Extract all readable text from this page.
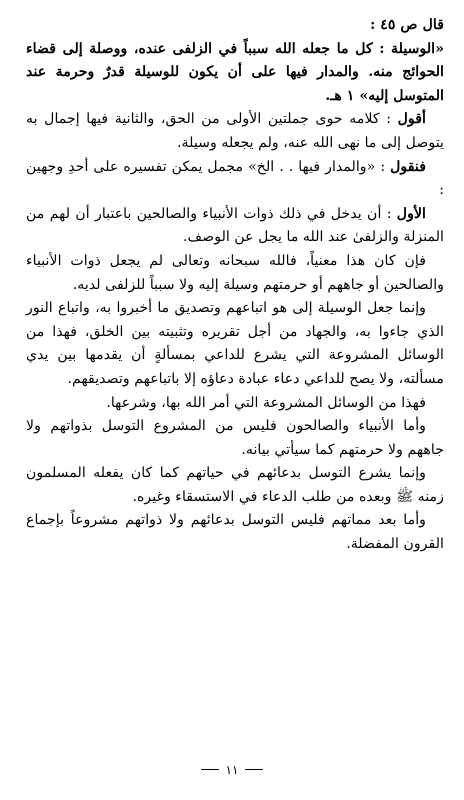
قال ص ٤٥ :

«الوسيلة : كل ما جعله الله سبباً في الزلفى عنده، ووصلة إلى قضاء الحوائج منه. والمدار فيها على أن يكون للوسيلة قدرٌ وحرمة عند المتوسل إليه» ١ هـ.

أقول : كلامه حوى جملتين الأولى من الحق، والثانية فيها إجمال به يتوصل إلى ما نهى الله عنه، ولم يجعله وسيلة.

فنقول : «والمدار فيها . . الخ» مجمل يمكن تفسيره على أحدِ وجهين :

الأول : أن يدخل في ذلك ذوات الأنبياء والصالحين باعتبار أن لهم من المنزلة والزلفىٰ عند الله ما يجل عن الوصف.

فإن كان هذا معنياً، فالله سبحانه وتعالى لم يجعل ذوات الأنبياء والصالحين أو جاههم أو حرمتهم وسيلة إليه ولا سبباً للزلفى لديه.

وإنما جعل الوسيلة إلى هو اتباعهم وتصديق ما أخبروا به، واتباع النور الذي جاءوا به، والجهاد من أجل تقريره وتثبيته بين الخلق، فهذا من الوسائل المشروعة التي يشرع للداعي بمسألةٍ أن يقدمها بين يدي مسألته، ولا يصح للداعي دعاء عبادة دعاؤه إلا باتباعهم وتصديقهم.

فهذا من الوسائل المشروعة التي أمر الله بها، وشرعها.

وأما الأنبياء والصالحون فليس من المشروع التوسل بذواتهم ولا جاههم ولا حرمتهم كما سيأتي بيانه.

وإنما يشرع التوسل بدعائهم في حياتهم كما كان يفعله المسلمون زمنه ﷺ وبعده من طلب الدعاء في الاستسقاء وغيره.

وأما بعد مماتهم فليس التوسل بدعائهم ولا ذواتهم مشروعاً بإجماع القرون المفضلة.

١١
